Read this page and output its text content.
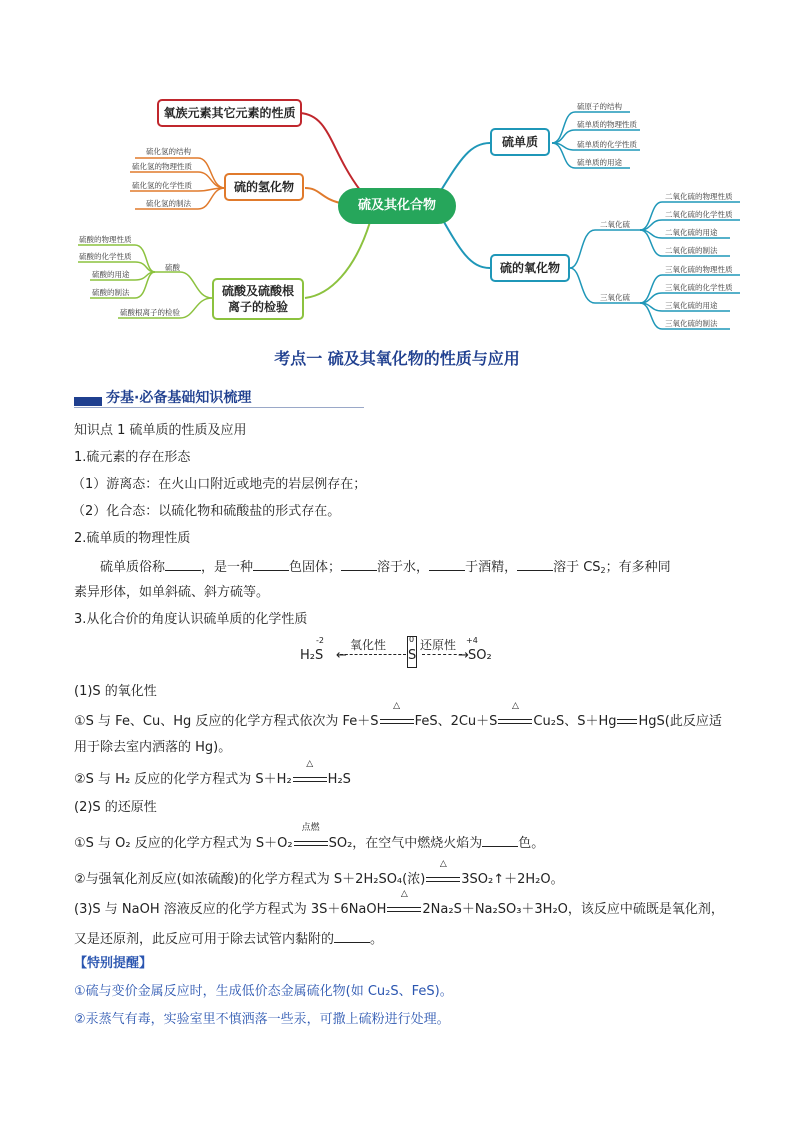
硫及其化合物
氧族元素其它元素的性质
硫的氢化物
硫酸及硫酸根离子的检验
硫单质
硫的氧化物
硫化氢的结构
硫化氢的物理性质
硫化氢的化学性质
硫化氢的制法
硫酸
硫酸的物理性质
硫酸的化学性质
硫酸的用途
硫酸的制法
硫酸根离子的检验
硫原子的结构
硫单质的物理性质
硫单质的化学性质
硫单质的用途
二氧化硫
三氧化硫
二氧化硫的物理性质
二氧化硫的化学性质
二氧化硫的用途
二氧化硫的制法
三氧化硫的物理性质
三氧化硫的化学性质
三氧化硫的用途
三氧化硫的制法
考点一 硫及其氧化物的性质与应用
夯基·必备基础知识梳理
知识点 1 硫单质的性质及应用
1.硫元素的存在形态
（1）游离态：在火山口附近或地壳的岩层例存在；
（2）化合态：以硫化物和硫酸盐的形式存在。
2.硫单质的物理性质
硫单质俗称	，是一种	色固体；	溶于水，	于酒精，	溶于 $CS_2$；有多种同
素异形体，如单斜硫、斜方硫等。
3.从化合价的角度认识硫单质的化学性质
-2
H₂S
氧化性
←
0
S
还原性
→
+4
SO₂
(1)S 的氧化性
①S 与 Fe、Cu、Hg 反应的化学方程式依次为 Fe＋S
△
FeS、2Cu＋S
△
Cu₂S、S＋Hg HgS(此反应适
用于除去室内洒落的 Hg)。
②S 与 H₂ 反应的化学方程式为 S＋H₂
△
H₂S
(2)S 的还原性
①S 与 O₂ 反应的化学方程式为 S＋O₂
点燃
SO₂，在空气中燃烧火焰为	色。
②与强氧化剂反应(如浓硫酸)的化学方程式为 S＋2H₂SO₄(浓)
△
3SO₂↑＋2H₂O。
(3)S 与 NaOH 溶液反应的化学方程式为 3S＋6NaOH
△
2Na₂S＋Na₂SO₃＋3H₂O，该反应中硫既是氧化剂，
又是还原剂，此反应可用于除去试管内黏附的	。
【特别提醒】
①硫与变价金属反应时，生成低价态金属硫化物(如 Cu₂S、FeS)。
②汞蒸气有毒，实验室里不慎洒落一些汞，可撒上硫粉进行处理。
